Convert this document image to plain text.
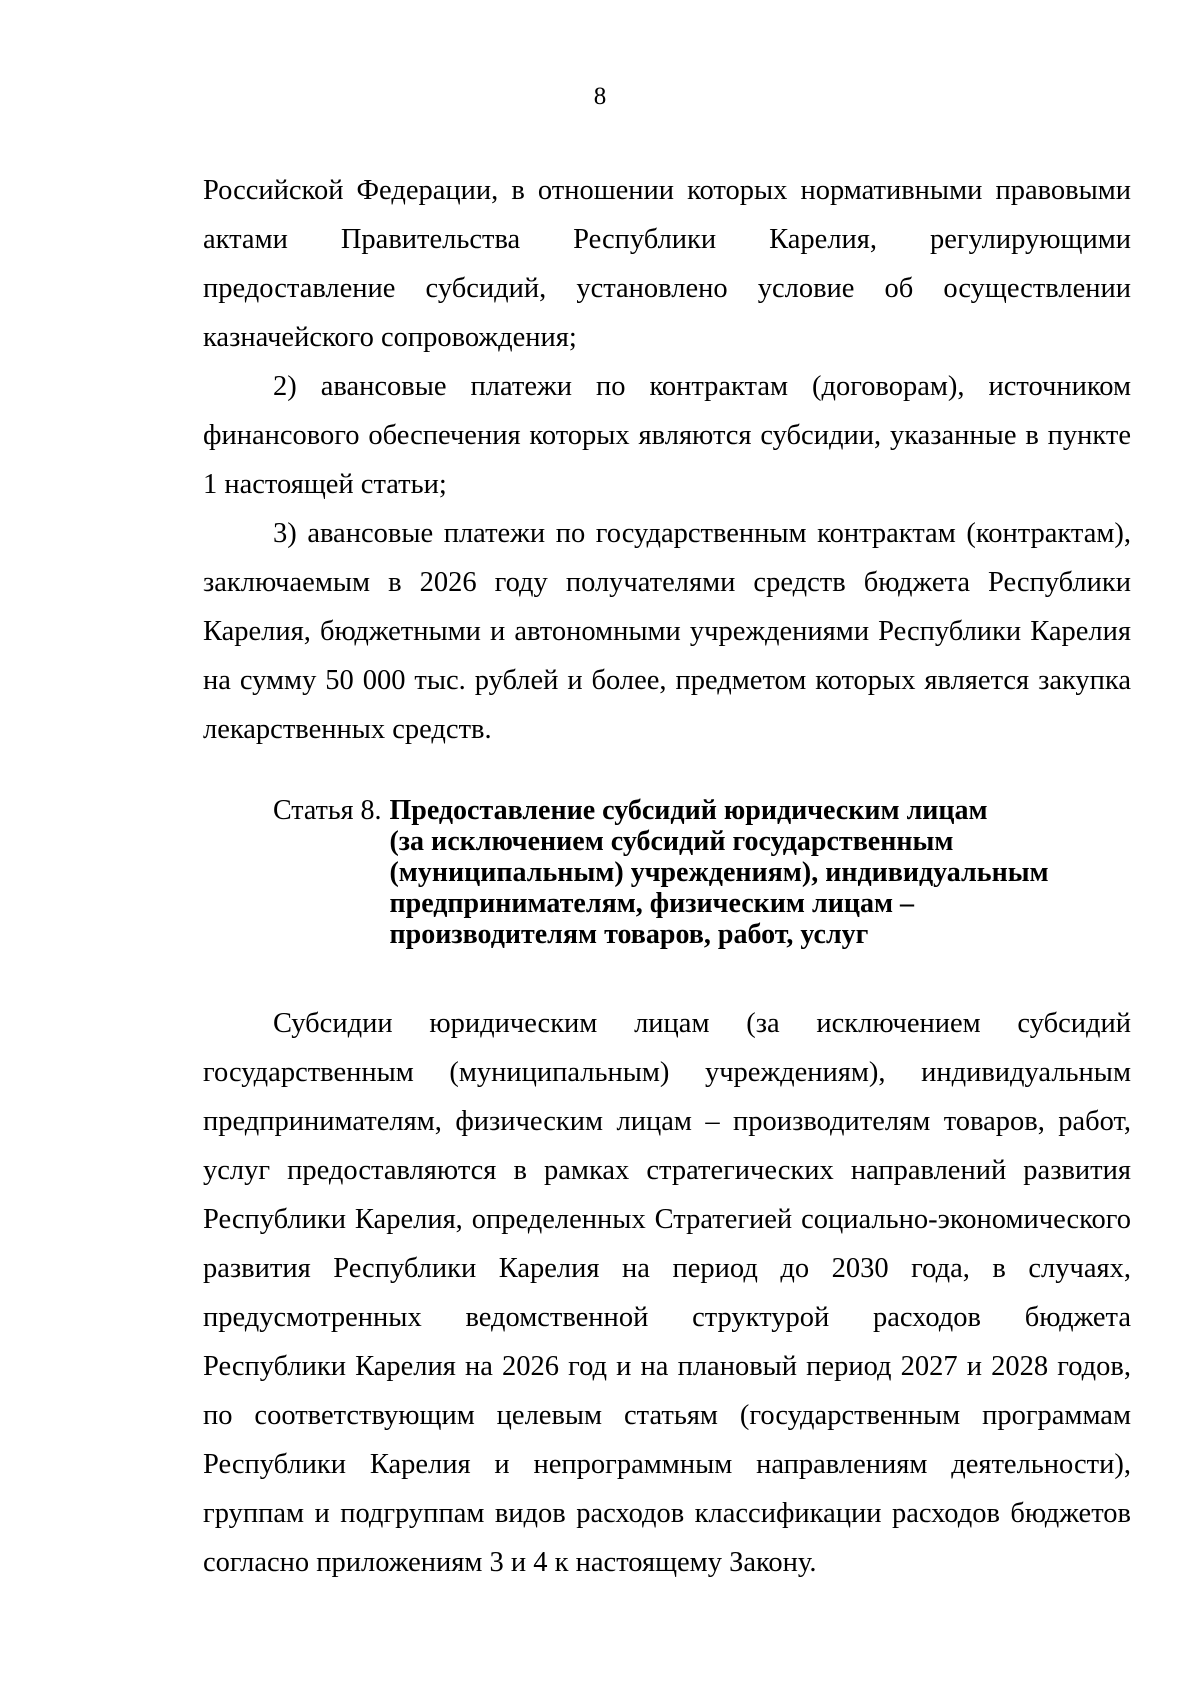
8

Российской Федерации, в отношении которых нормативными правовыми актами Правительства Республики Карелия, регулирующими предоставление субсидий, установлено условие об осуществлении казначейского сопровождения;

2) авансовые платежи по контрактам (договорам), источником финансового обеспечения которых являются субсидии, указанные в пункте 1 настоящей статьи;

3) авансовые платежи по государственным контрактам (контрактам), заключаемым в 2026 году получателями средств бюджета Республики Карелия, бюджетными и автономными учреждениями Республики Карелия на сумму 50 000 тыс. рублей и более, предметом которых является закупка лекарственных средств.

Статья 8. Предоставление субсидий юридическим лицам
(за исключением субсидий государственным
(муниципальным) учреждениям), индивидуальным
предпринимателям, физическим лицам –
производителям товаров, работ, услуг

Субсидии юридическим лицам (за исключением субсидий государственным (муниципальным) учреждениям), индивидуальным предпринимателям, физическим лицам – производителям товаров, работ, услуг предоставляются в рамках стратегических направлений развития Республики Карелия, определенных Стратегией социально-экономического развития Республики Карелия на период до 2030 года, в случаях, предусмотренных ведомственной структурой расходов бюджета Республики Карелия на 2026 год и на плановый период 2027 и 2028 годов, по соответствующим целевым статьям (государственным программам Республики Карелия и непрограммным направлениям деятельности), группам и подгруппам видов расходов классификации расходов бюджетов согласно приложениям 3 и 4 к настоящему Закону.
